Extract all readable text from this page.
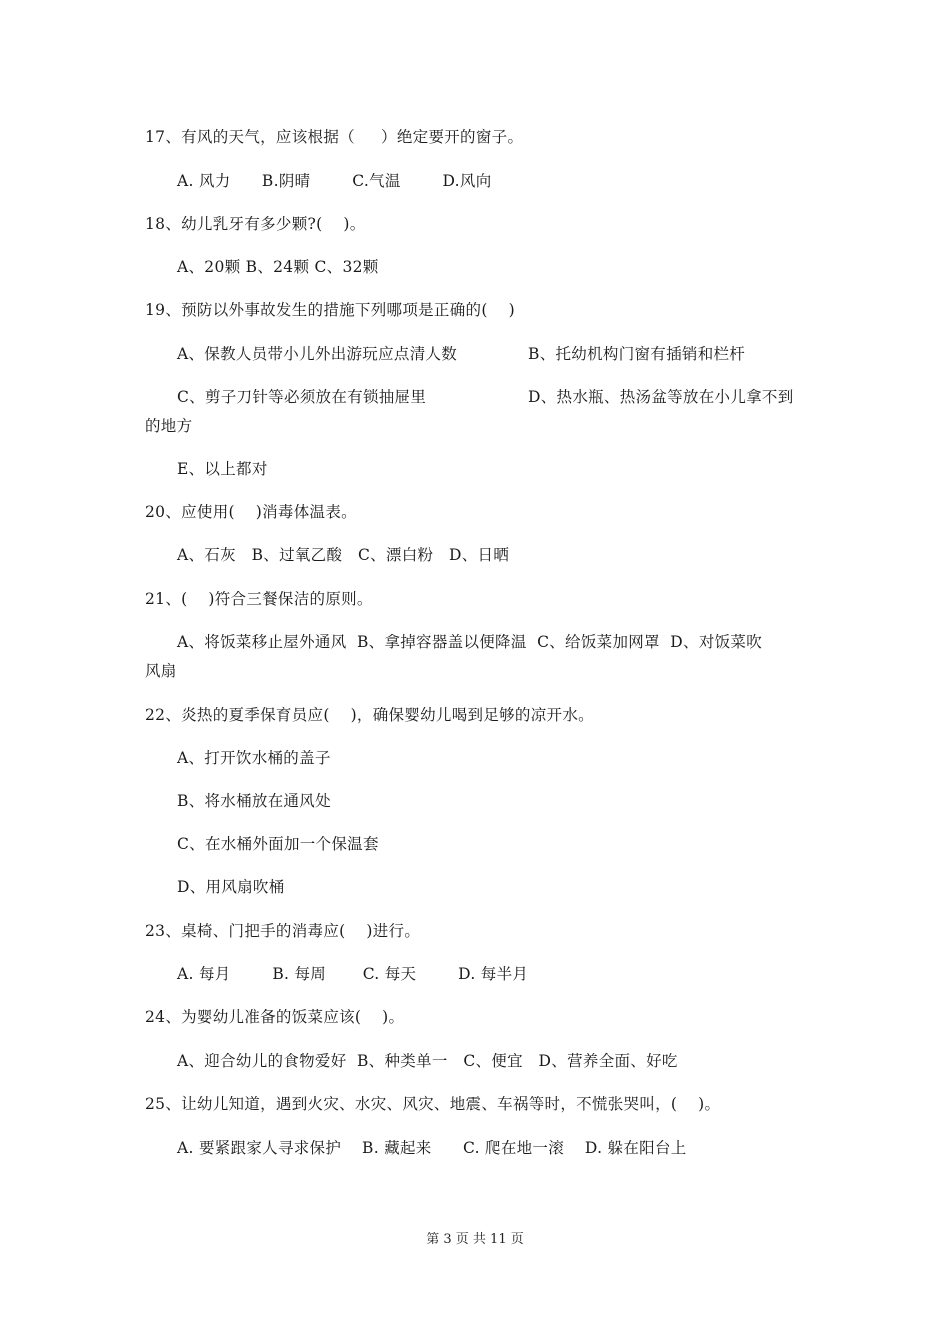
17、有风的天气，应该根据（     ）绝定要开的窗子。
A. 风力      B.阴晴        C.气温        D.风向
18、幼儿乳牙有多少颗?(    )。
A、20颗 B、24颗 C、32颗
19、预防以外事故发生的措施下列哪项是正确的(    )
A、保教人员带小儿外出游玩应点清人数	B、托幼机构门窗有插销和栏杆
C、剪子刀针等必须放在有锁抽屉里	D、热水瓶、热汤盆等放在小儿拿不到
的地方
E、以上都对
20、应使用(    )消毒体温表。
A、石灰   B、过氧乙酸   C、漂白粉   D、日晒
21、(    )符合三餐保洁的原则。
A、将饭菜移止屋外通风  B、拿掉容器盖以便降温  C、给饭菜加网罩  D、对饭菜吹
风扇
22、炎热的夏季保育员应(    )，确保婴幼儿喝到足够的凉开水。
A、打开饮水桶的盖子
B、将水桶放在通风处
C、在水桶外面加一个保温套
D、用风扇吹桶
23、桌椅、门把手的消毒应(    )进行。
A. 每月        B. 每周       C. 每天        D. 每半月
24、为婴幼儿准备的饭菜应该(    )。
A、迎合幼儿的食物爱好  B、种类单一   C、便宜   D、营养全面、好吃
25、让幼儿知道，遇到火灾、水灾、风灾、地震、车祸等时，不慌张哭叫，(    )。
A. 要紧跟家人寻求保护    B. 藏起来      C. 爬在地一滚    D. 躲在阳台上
第 3 页 共 11 页
